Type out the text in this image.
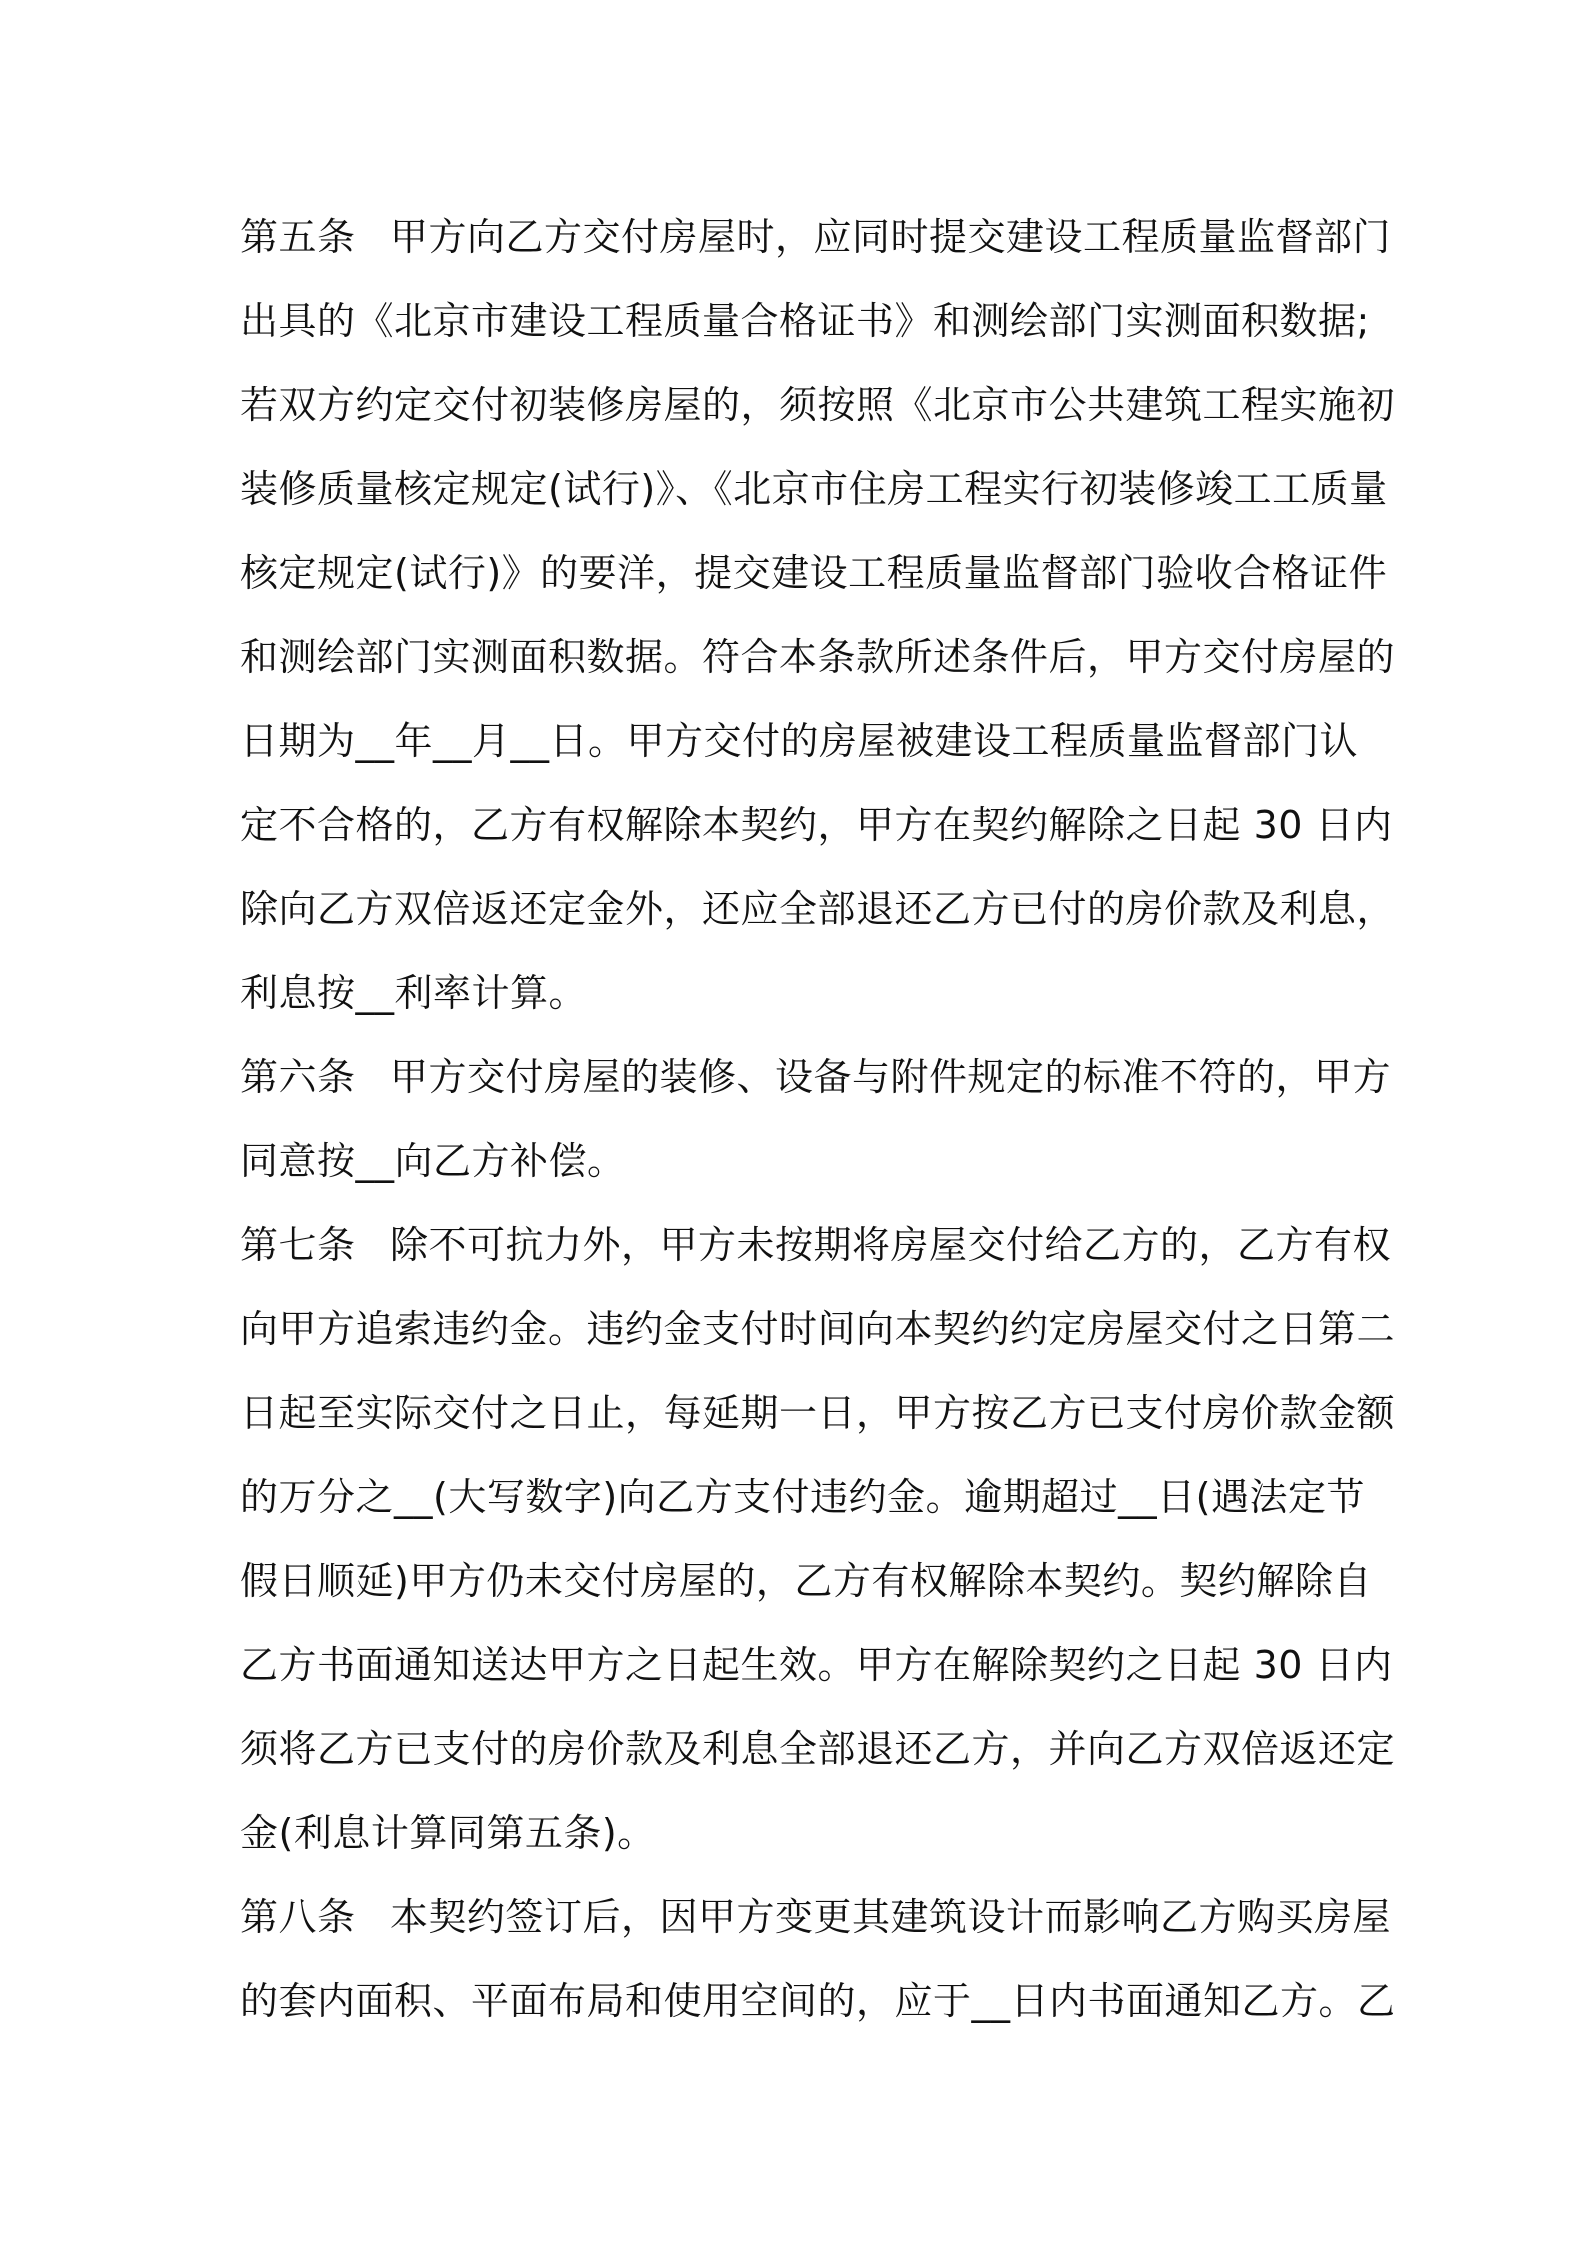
第五条 甲方向乙方交付房屋时，应同时提交建设工程质量监督部门
出具的《北京市建设工程质量合格证书》和测绘部门实测面积数据;
若双方约定交付初装修房屋的，须按照《北京市公共建筑工程实施初
装修质量核定规定(试行)》、《北京市住房工程实行初装修竣工工质量
核定规定(试行)》的要洋，提交建设工程质量监督部门验收合格证件
和测绘部门实测面积数据。符合本条款所述条件后，甲方交付房屋的
日期为__年__月__日。甲方交付的房屋被建设工程质量监督部门认
定不合格的，乙方有权解除本契约，甲方在契约解除之日起 30 日内
除向乙方双倍返还定金外，还应全部退还乙方已付的房价款及利息，
利息按__利率计算。
第六条 甲方交付房屋的装修、设备与附件规定的标准不符的，甲方
同意按__向乙方补偿。
第七条 除不可抗力外，甲方未按期将房屋交付给乙方的，乙方有权
向甲方追索违约金。违约金支付时间向本契约约定房屋交付之日第二
日起至实际交付之日止，每延期一日，甲方按乙方已支付房价款金额
的万分之__(大写数字)向乙方支付违约金。逾期超过__日(遇法定节
假日顺延)甲方仍未交付房屋的，乙方有权解除本契约。契约解除自
乙方书面通知送达甲方之日起生效。甲方在解除契约之日起 30 日内
须将乙方已支付的房价款及利息全部退还乙方，并向乙方双倍返还定
金(利息计算同第五条)。
第八条 本契约签订后，因甲方变更其建筑设计而影响乙方购买房屋
的套内面积、平面布局和使用空间的，应于__日内书面通知乙方。乙
